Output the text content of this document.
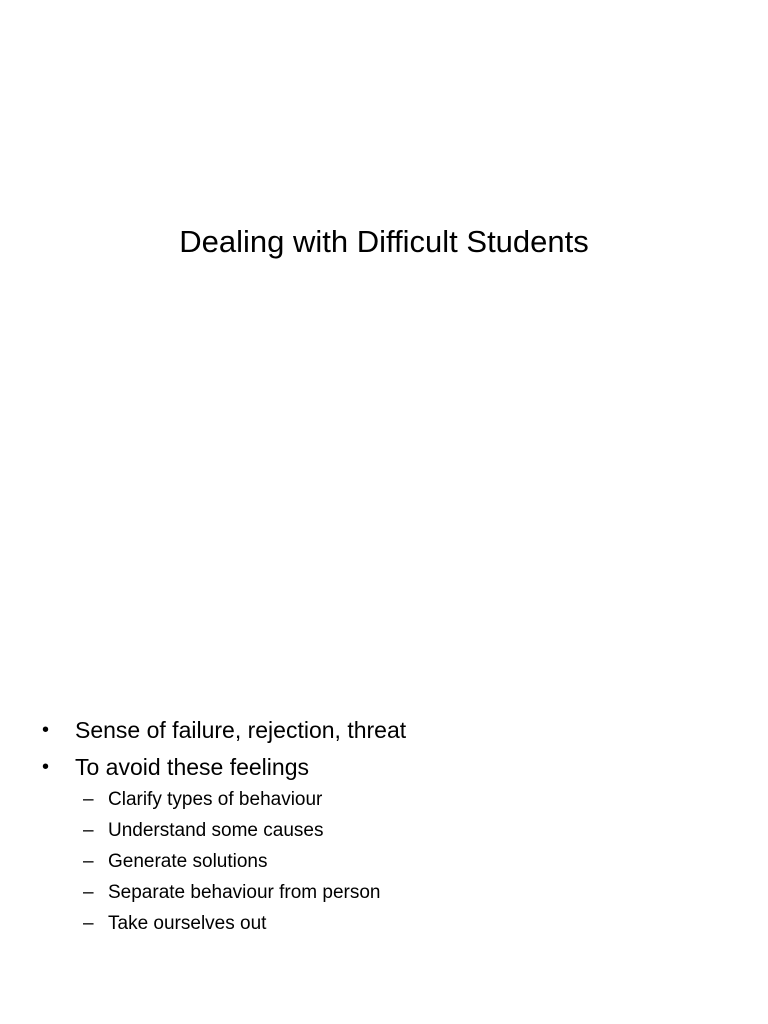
Dealing with Difficult Students
• Sense of failure, rejection, threat
• To avoid these feelings
– Clarify types of behaviour
– Understand some causes
– Generate solutions
– Separate behaviour from person
– Take ourselves out
